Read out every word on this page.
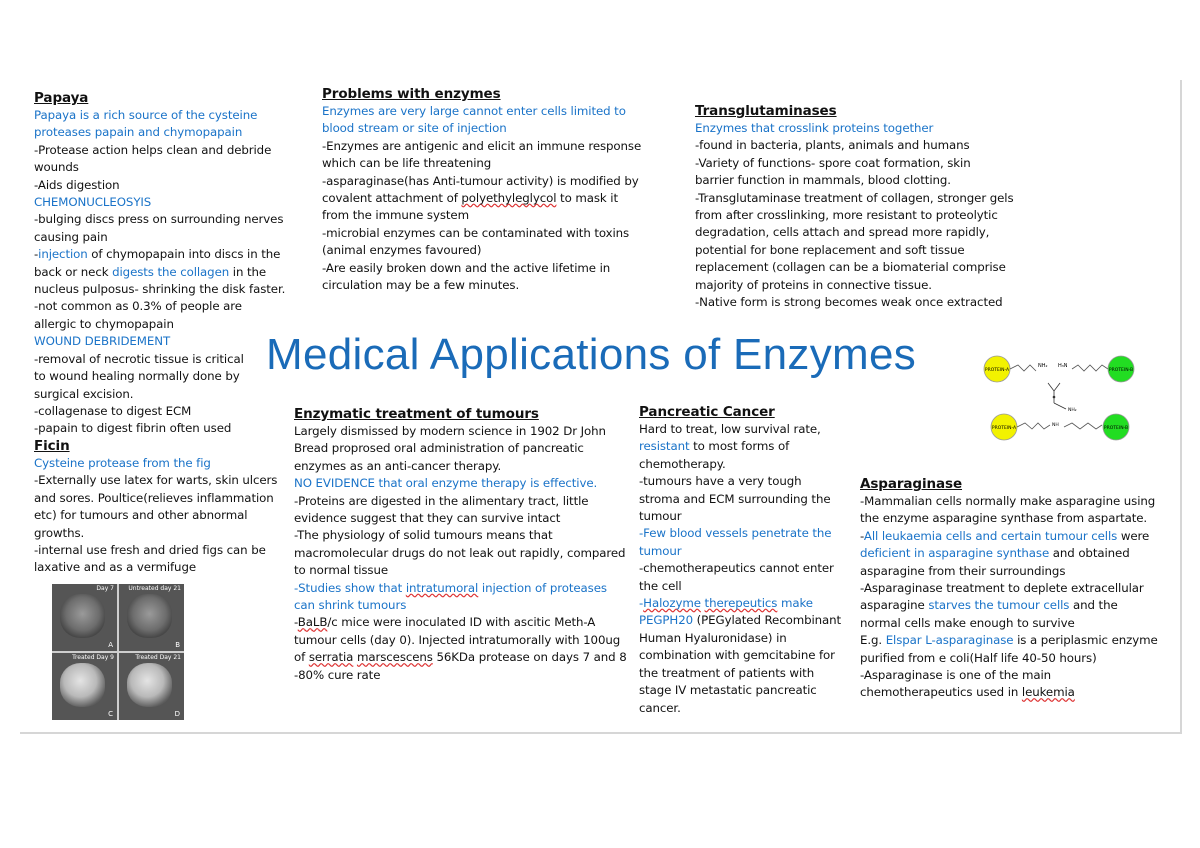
Papaya
Papaya is a rich source of the cysteine
proteases papain and chymopapain
-Protease action helps clean and debride
wounds
-Aids digestion
CHEMONUCLEOSYIS
-bulging discs press on surrounding nerves
causing pain
-injection of chymopapain into discs in the
back or neck digests the collagen in the
nucleus pulposus- shrinking the disk faster.
-not common as 0.3% of people are
allergic to chymopapain
WOUND DEBRIDEMENT
-removal of necrotic tissue is critical
to wound healing normally done by
surgical excision.
-collagenase to digest ECM
-papain to digest fibrin often used
Ficin
Cysteine protease from the fig
-Externally use latex for warts, skin ulcers
and sores. Poultice(relieves inflammation
etc) for tumours and other abnormal
growths.
-internal use fresh and dried figs can be
laxative and as a vermifuge
Day 7
A
Untreated day 21
B
Treated Day 9
C
Treated Day 21
D
Problems with enzymes
Enzymes are very large cannot enter cells limited to
blood stream or site of injection
-Enzymes are antigenic and elicit an immune response
which can be life threatening
-asparaginase(has Anti-tumour activity) is modified by
covalent attachment of polyethyleglycol to mask it
from the immune system
-microbial enzymes can be contaminated with toxins
(animal enzymes favoured)
-Are easily broken down and the active lifetime in
circulation may be a few minutes.
Transglutaminases
Enzymes that crosslink proteins together
-found in bacteria, plants, animals and humans
-Variety of functions- spore coat formation, skin
barrier function in mammals, blood clotting.
-Transglutaminase treatment of collagen, stronger gels
from after crosslinking, more resistant to proteolytic
degradation, cells attach and spread more rapidly,
potential for bone replacement and soft tissue
replacement (collagen can be a biomaterial comprise
majority of proteins in connective tissue.
-Native form is strong becomes weak once extracted
Medical Applications of Enzymes	PROTEIN-A
NH₂ H₃N
PROTEIN-B
NH₂
PROTEIN-A
NH
PROTEIN-B
Enzymatic treatment of tumours
Largely dismissed by modern science in 1902 Dr John
Bread proprosed oral administration of pancreatic
enzymes as an anti-cancer therapy.
NO EVIDENCE that oral enzyme therapy is effective.
-Proteins are digested in the alimentary tract, little
evidence suggest that they can survive intact
-The physiology of solid tumours means that
macromolecular drugs do not leak out rapidly, compared
to normal tissue
-Studies show that intratumoral injection of proteases
can shrink tumours
-BaLB/c mice were inoculated ID with ascitic Meth-A
tumour cells (day 0). Injected intratumorally with 100ug
of serratia marscescens 56KDa protease on days 7 and 8
-80% cure rate
Pancreatic Cancer
Hard to treat, low survival rate,
resistant to most forms of
chemotherapy.
-tumours have a very tough
stroma and ECM surrounding the
tumour
-Few blood vessels penetrate the
tumour
-chemotherapeutics cannot enter
the cell
-Halozyme therepeutics make
PEGPH20 (PEGylated Recombinant
Human Hyaluronidase) in
combination with gemcitabine for
the treatment of patients with
stage IV metastatic pancreatic
cancer.
Asparaginase
-Mammalian cells normally make asparagine using
the enzyme asparagine synthase from aspartate.
-All leukaemia cells and certain tumour cells were
deficient in asparagine synthase and obtained
asparagine from their surroundings
-Asparaginase treatment to deplete extracellular
asparagine starves the tumour cells and the
normal cells make enough to survive
E.g. Elspar L-asparaginase is a periplasmic enzyme
purified from e coli(Half life 40-50 hours)
-Asparaginase is one of the main
chemotherapeutics used in leukemia
